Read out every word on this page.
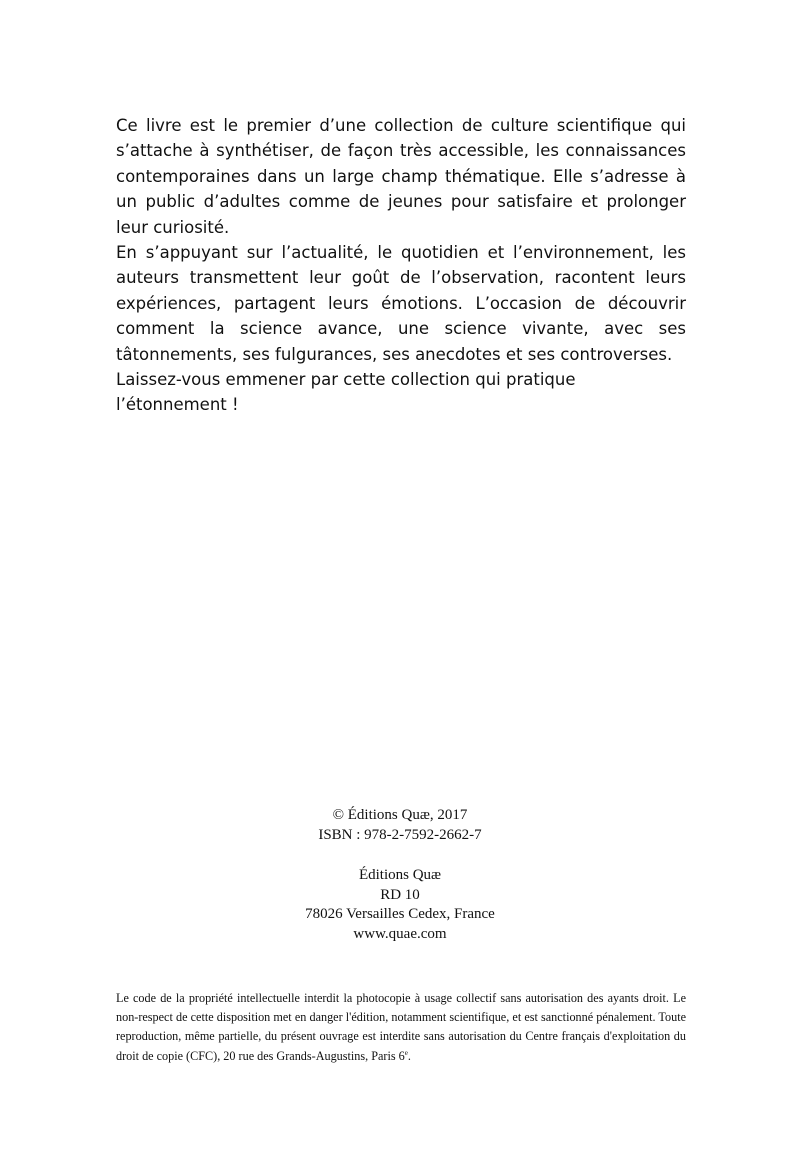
Ce livre est le premier d’une collection de culture scientifique qui s’attache à synthétiser, de façon très accessible, les connaissances contemporaines dans un large champ thématique. Elle s’adresse à un public d’adultes comme de jeunes pour satisfaire et prolonger leur curiosité.

En s’appuyant sur l’actualité, le quotidien et l’environnement, les auteurs transmettent leur goût de l’observation, racontent leurs expériences, partagent leurs émotions. L’occasion de découvrir comment la science avance, une science vivante, avec ses tâtonnements, ses fulgurances, ses anecdotes et ses controverses.

Laissez-vous emmener par cette collection qui pratique l’étonnement !

© Éditions Quæ, 2017
ISBN : 978-2-7592-2662-7
Éditions Quæ
RD 10
78026 Versailles Cedex, France
www.quae.com

Le code de la propriété intellectuelle interdit la photocopie à usage collectif sans autorisation des ayants droit. Le non-respect de cette disposition met en danger l'édition, notamment scientifique, et est sanctionné pénalement. Toute reproduction, même partielle, du présent ouvrage est interdite sans autorisation du Centre français d'exploitation du droit de copie (CFC), 20 rue des Grands-Augustins, Paris 6e.
